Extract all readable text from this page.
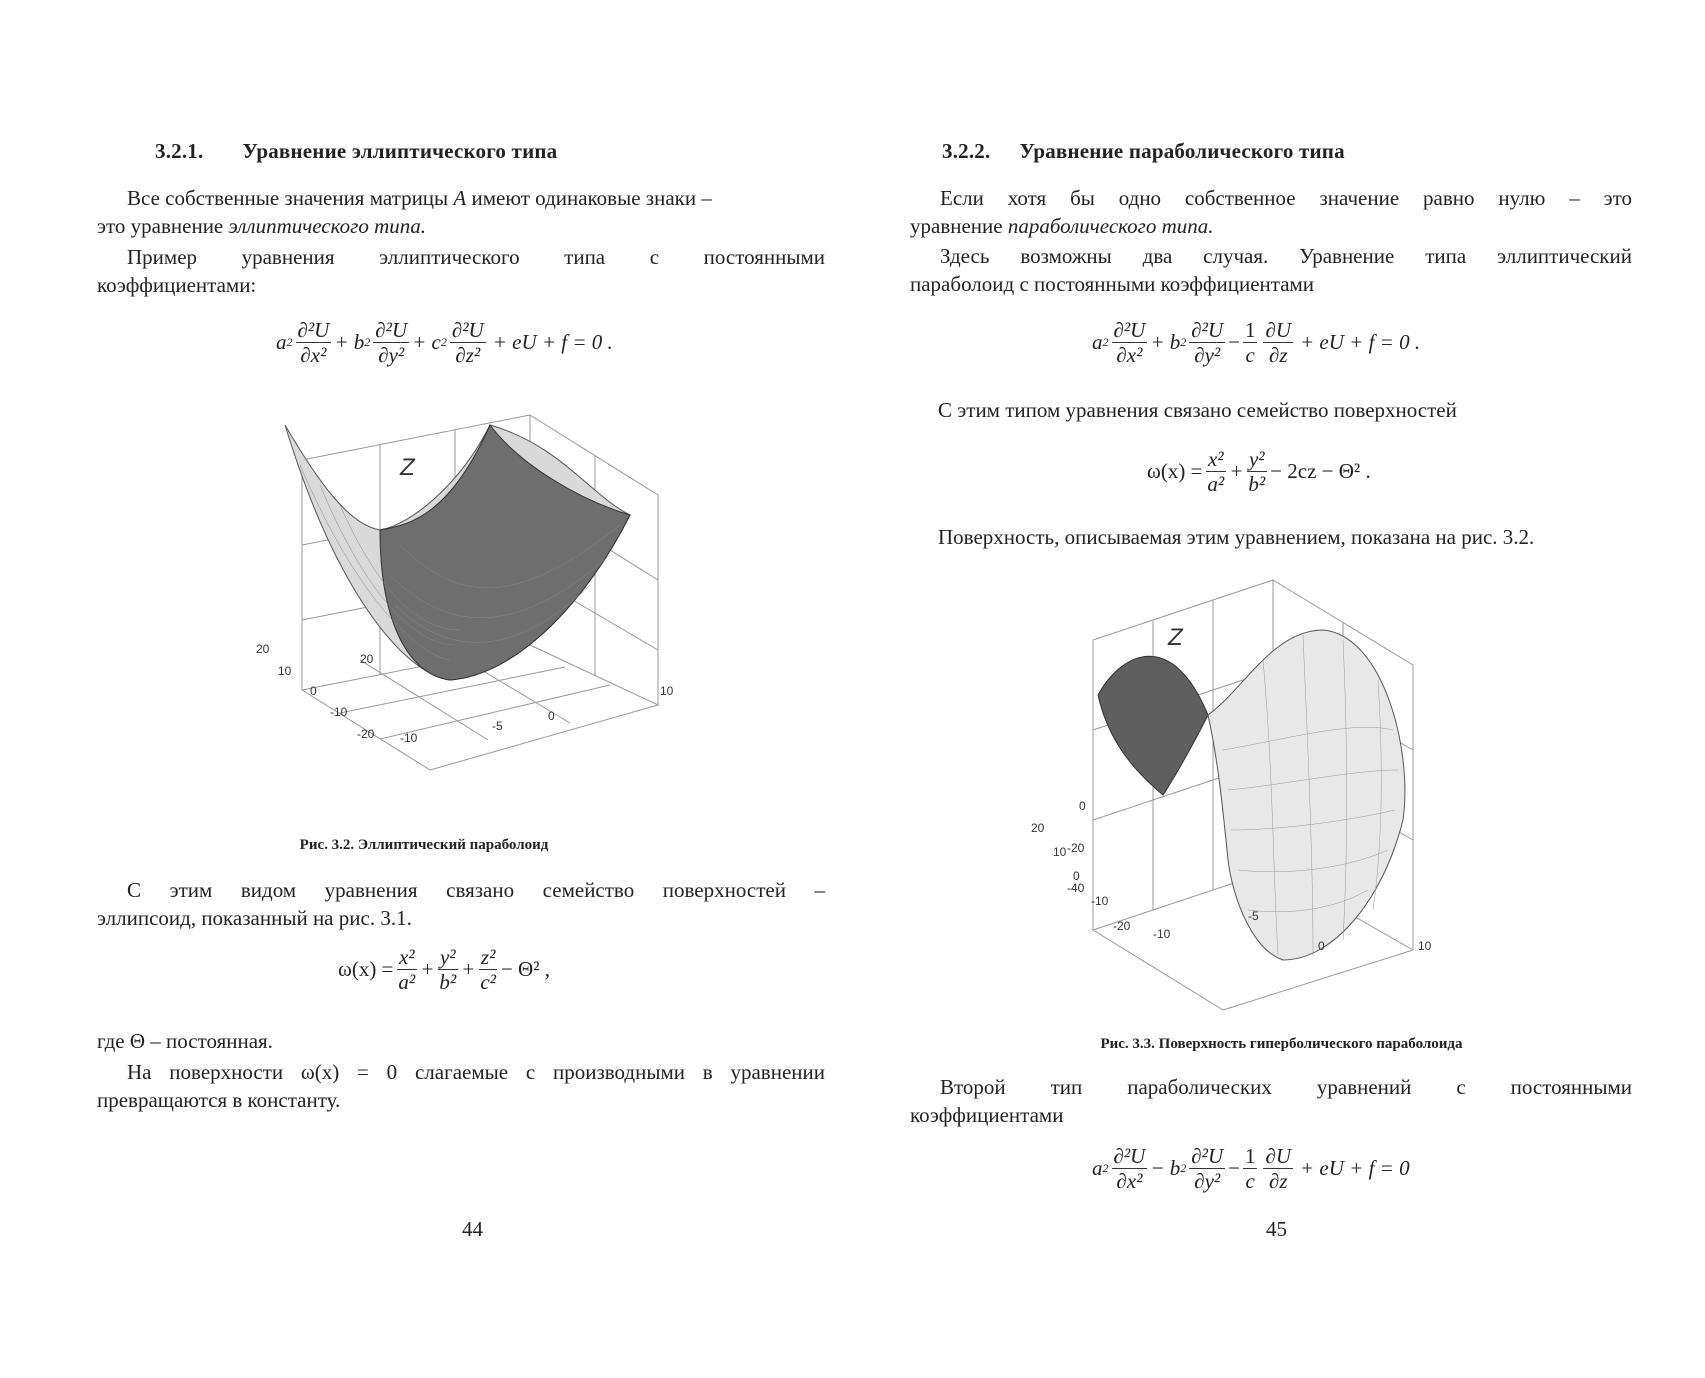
3.2.1. Уравнение эллиптического типа
Все собственные значения матрицы A имеют одинаковые знаки –
это уравнение эллиптического типа.
Пример уравнения эллиптического типа с постоянными
коэффициентами:
a $2 \frac{\text{∂²U}}{\text{∂x²}} + b$ $2 \frac{\text{∂²U}}{\text{∂y²}} + c$ $2 \frac{\text{∂²U}}{\text{∂z²}}$ + eU + f = 0 .
Z
20
10
0
-10
-20
20
10
0
-5
-10
Рис. 3.2. Эллиптический параболоид
С этим видом уравнения связано семейство поверхностей –
эллипсоид, показанный на рис. 3.1.
$\omega(x) = \frac{\text{x²}}{\text{a²}} + \frac{\text{y²}}{\text{b²}} + \frac{\text{z²}}{\text{c²}} - \Theta^2$ ,
где Θ – постоянная.
На поверхности ω(x) = 0 слагаемые с производными в уравнении
превращаются в константу.
44
3.2.2. Уравнение параболического типа
Если хотя бы одно собственное значение равно нулю – это
уравнение параболического типа.
Здесь возможны два случая. Уравнение типа эллиптический
параболоид с постоянными коэффициентами
a $2 \frac{\text{∂²U}}{\text{∂x²}} + b$ $2 \frac{\text{∂²U}}{\text{∂y²}} - \frac{1}{c} \frac{\partial U}{\partial z}$ + eU + f = 0 .
С этим типом уравнения связано семейство поверхностей
$\omega(x) = \frac{\text{x²}}{\text{a²}} + \frac{\text{y²}}{\text{b²}} - 2cz - \Theta^2$ .
Поверхность, описываемая этим уравнением, показана на рис. 3.2.
Z
0
-20
-40
20
10
0
-10
-20
10
0
-5
-10
Рис. 3.3. Поверхность гиперболического параболоида
Второй тип параболических уравнений с постоянными
коэффициентами
a $2 \frac{\text{∂²U}}{\text{∂x²}} - b$ $2 \frac{\text{∂²U}}{\text{∂y²}} - \frac{1}{c} \frac{\partial U}{\partial z}$ + eU + f = 0
45
